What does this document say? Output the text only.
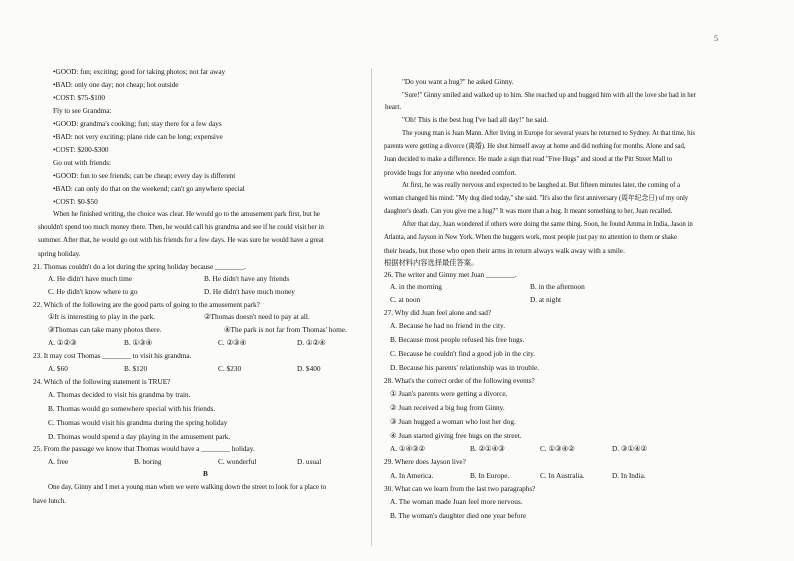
5
•GOOD: fun; exciting; good for taking photos; not far away
•BAD: only one day; not cheap; hot outside
•COST: $75-$100
Fly to see Grandma:
•GOOD: grandma's cooking; fun; stay there for a few days
•BAD: not very exciting; plane ride can be long; expensive
•COST: $200-$300
Go out with friends:
•GOOD: fun to see friends; can be cheap; every day is different
•BAD: can only do that on the weekend; can't go anywhere special
•COST: $0-$50
When he finished writing, the choice was clear. He would go to the amusement park first, but he
shouldn't spend too much money there. Then, he would call his grandma and see if he could visit her in
summer. After that, he would go out with his friends for a few days. He was sure he would have a great
spring holiday.
21. Thomas couldn't do a lot during the spring holiday because ________.
A. He didn't have much time	B. He didn't have any friends
C. He didn't know where to go	D. He didn't have much money
22. Which of the following are the good parts of going to the amusement park?
①It is interesting to play in the park.	②Thomas doesn't need to pay at all.
③Thomas can take many photos there.	④The park is not far from Thomas' home.
A. ①②③	B. ①③④	C. ②③④	D. ①②④
23. It may cost Thomas ________ to visit his grandma.
A. $60	B. $120	C. $230	D. $400
24. Which of the following statement is TRUE?
A. Thomas decided to visit his grandma by train.
B. Thomas would go somewhere special with his friends.
C. Thomas would visit his grandma during the spring holiday
D. Thomas would spend a day playing in the amusement park.
25. From the passage we know that Thomas would have a ________ holiday.
A. free	B. boring	C. wonderful	D. usual
B
One day, Ginny and I met a young man when we were walking down the street to look for a place to
have lunch.
"Do you want a hug?" he asked Ginny.
"Sure!" Ginny smiled and walked up to him. She reached up and hugged him with all the love she had in her
heart.
"Oh! This is the best hug I've had all day!" he said.
The young man is Juan Mann. After living in Europe for several years he returned to Sydney. At that time, his
parents were getting a divorce (离婚). He shut himself away at home and did nothing for months. Alone and sad,
Juan decided to make a difference. He made a sign that read "Free Hugs" and stood at the Pitt Street Mall to
provide hugs for anyone who needed comfort.
At first, he was really nervous and expected to be laughed at. But fifteen minutes later, the coming of a
woman changed his mind. "My dog died today," she said. "It's also the first anniversary (周年纪念日) of my only
daughter's death. Can you give me a hug?" It was more than a hug. It meant something to her, Juan recalled.
After that day, Juan wondered if others were doing the same thing. Soon, he found Amma in India, Jason in
Atlanta, and Jayson in New York. When the huggers work, most people just pay no attention to them or shake
their heads, but those who open their arms in return always walk away with a smile.
根据材料内容选择最佳答案。
26. The writer and Ginny met Juan ________.
A. in the morning	B. in the afternoon
C. at noon	D. at night
27. Why did Juan feel alone and sad?
A. Because he had no friend in the city.
B. Because most people refused his free hugs.
C. Because he couldn't find a good job in the city.
D. Because his parents' relationship was in trouble.
28. What's the correct order of the following events?
① Juan's parents were getting a divorce.
② Juan received a big hug from Ginny.
③ Juan hugged a woman who lost her dog.
④ Juan started giving free hugs on the street.
A. ①④③②	B. ②①④③	C. ①③④②	D. ③①④②
29. Where does Jayson live?
A. In America.	B. In Europe.	C. In Australia.	D. In India.
30. What can we learn from the last two paragraphs?
A. The woman made Juan feel more nervous.
B. The woman's daughter died one year before
